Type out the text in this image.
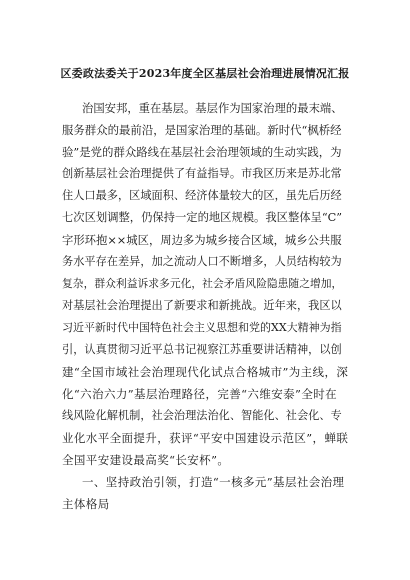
区委政法委关于2023年度全区基层社会治理进展情况汇报
治国安邦，重在基层。基层作为国家治理的最末端、
服务群众的最前沿，是国家治理的基础。新时代“枫桥经
验”是党的群众路线在基层社会治理领域的生动实践，为
创新基层社会治理提供了有益指导。市我区历来是苏北常
住人口最多，区域面积、经济体量较大的区，虽先后历经
七次区划调整，仍保持一定的地区规模。我区整体呈“C”
字形环抱××城区，周边多为城乡接合区域，城乡公共服
务水平存在差异，加之流动人口不断增多，人员结构较为
复杂，群众利益诉求多元化，社会矛盾风险隐患随之增加，
对基层社会治理提出了新要求和新挑战。近年来，我区以
习近平新时代中国特色社会主义思想和党的XX大精神为指
引，认真贯彻习近平总书记视察江苏重要讲话精神，以创
建“全国市域社会治理现代化试点合格城市”为主线，深
化“六治六力”基层治理路径，完善“六维安泰”全时在
线风险化解机制，社会治理法治化、智能化、社会化、专
业化水平全面提升，获评“平安中国建设示范区”，蝉联
全国平安建设最高奖“长安杯”。
一、坚持政治引领，打造“一核多元”基层社会治理
主体格局
